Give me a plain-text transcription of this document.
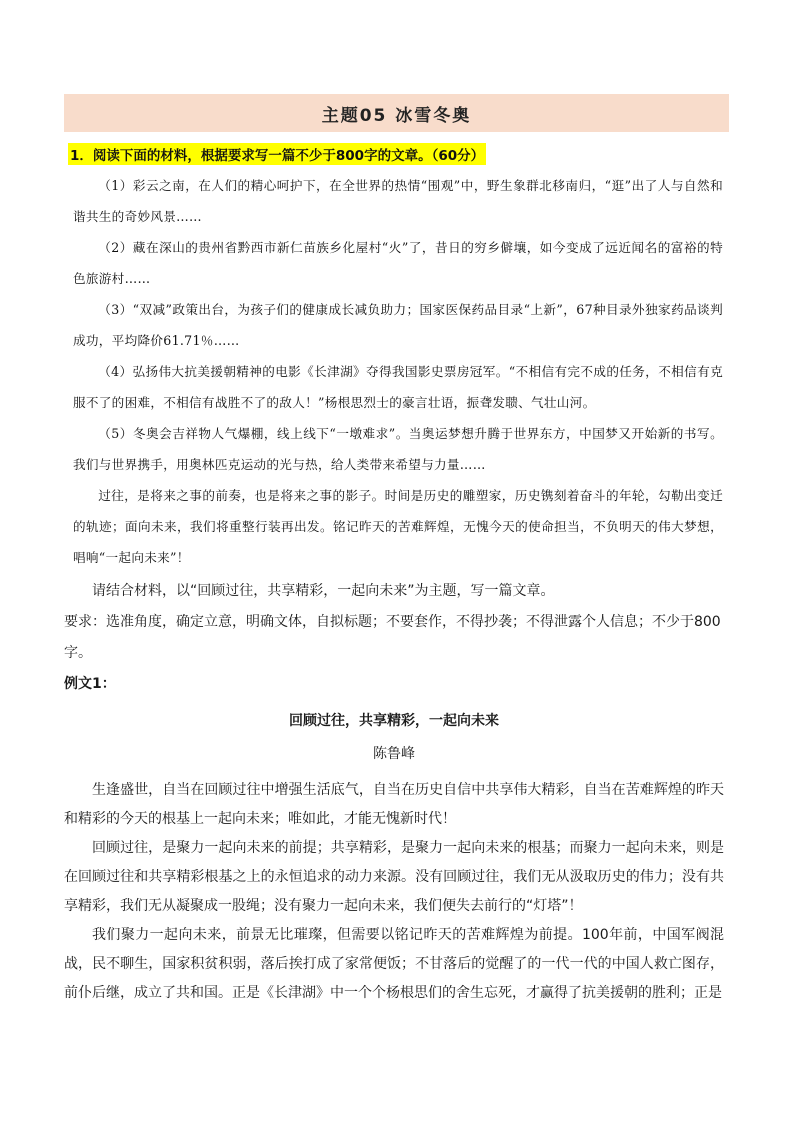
主题05 冰雪冬奥
1．阅读下面的材料，根据要求写一篇不少于800字的文章。（60分）

（1）彩云之南，在人们的精心呵护下，在全世界的热情“围观”中，野生象群北移南归，“逛”出了人与自然和谐共生的奇妙风景……

（2）藏在深山的贵州省黔西市新仁苗族乡化屋村“火”了，昔日的穷乡僻壤，如今变成了远近闻名的富裕的特色旅游村……

（3）“双减”政策出台，为孩子们的健康成长减负助力；国家医保药品目录“上新”，67种目录外独家药品谈判成功，平均降价61.71％……

（4）弘扬伟大抗美援朝精神的电影《长津湖》夺得我国影史票房冠军。“不相信有完不成的任务，不相信有克服不了的困难，不相信有战胜不了的敌人！”杨根思烈士的豪言壮语，振聋发聩、气壮山河。

（5）冬奥会吉祥物人气爆棚，线上线下“一墩难求”。当奥运梦想升腾于世界东方，中国梦又开始新的书写。我们与世界携手，用奥林匹克运动的光与热，给人类带来希望与力量……

过往，是将来之事的前奏，也是将来之事的影子。时间是历史的雕塑家，历史镌刻着奋斗的年轮，勾勒出变迁的轨迹；面向未来，我们将重整行装再出发。铭记昨天的苦难辉煌，无愧今天的使命担当，不负明天的伟大梦想，唱响“一起向未来”！

请结合材料，以“回顾过往，共享精彩，一起向未来”为主题，写一篇文章。

要求：选准角度，确定立意，明确文体，自拟标题；不要套作，不得抄袭；不得泄露个人信息；不少于800字。

例文1：

回顾过往，共享精彩，一起向未来

陈鲁峰

生逢盛世，自当在回顾过往中增强生活底气，自当在历史自信中共享伟大精彩，自当在苦难辉煌的昨天和精彩的今天的根基上一起向未来；唯如此，才能无愧新时代！

回顾过往，是聚力一起向未来的前提；共享精彩，是聚力一起向未来的根基；而聚力一起向未来，则是在回顾过往和共享精彩根基之上的永恒追求的动力来源。没有回顾过往，我们无从汲取历史的伟力；没有共享精彩，我们无从凝聚成一股绳；没有聚力一起向未来，我们便失去前行的“灯塔”！

我们聚力一起向未来，前景无比璀璨，但需要以铭记昨天的苦难辉煌为前提。100年前，中国军阀混战，民不聊生，国家积贫积弱，落后挨打成了家常便饭；不甘落后的觉醒了的一代一代的中国人救亡图存，前仆后继，成立了共和国。正是《长津湖》中一个个杨根思们的舍生忘死，才赢得了抗美援朝的胜利；正是
